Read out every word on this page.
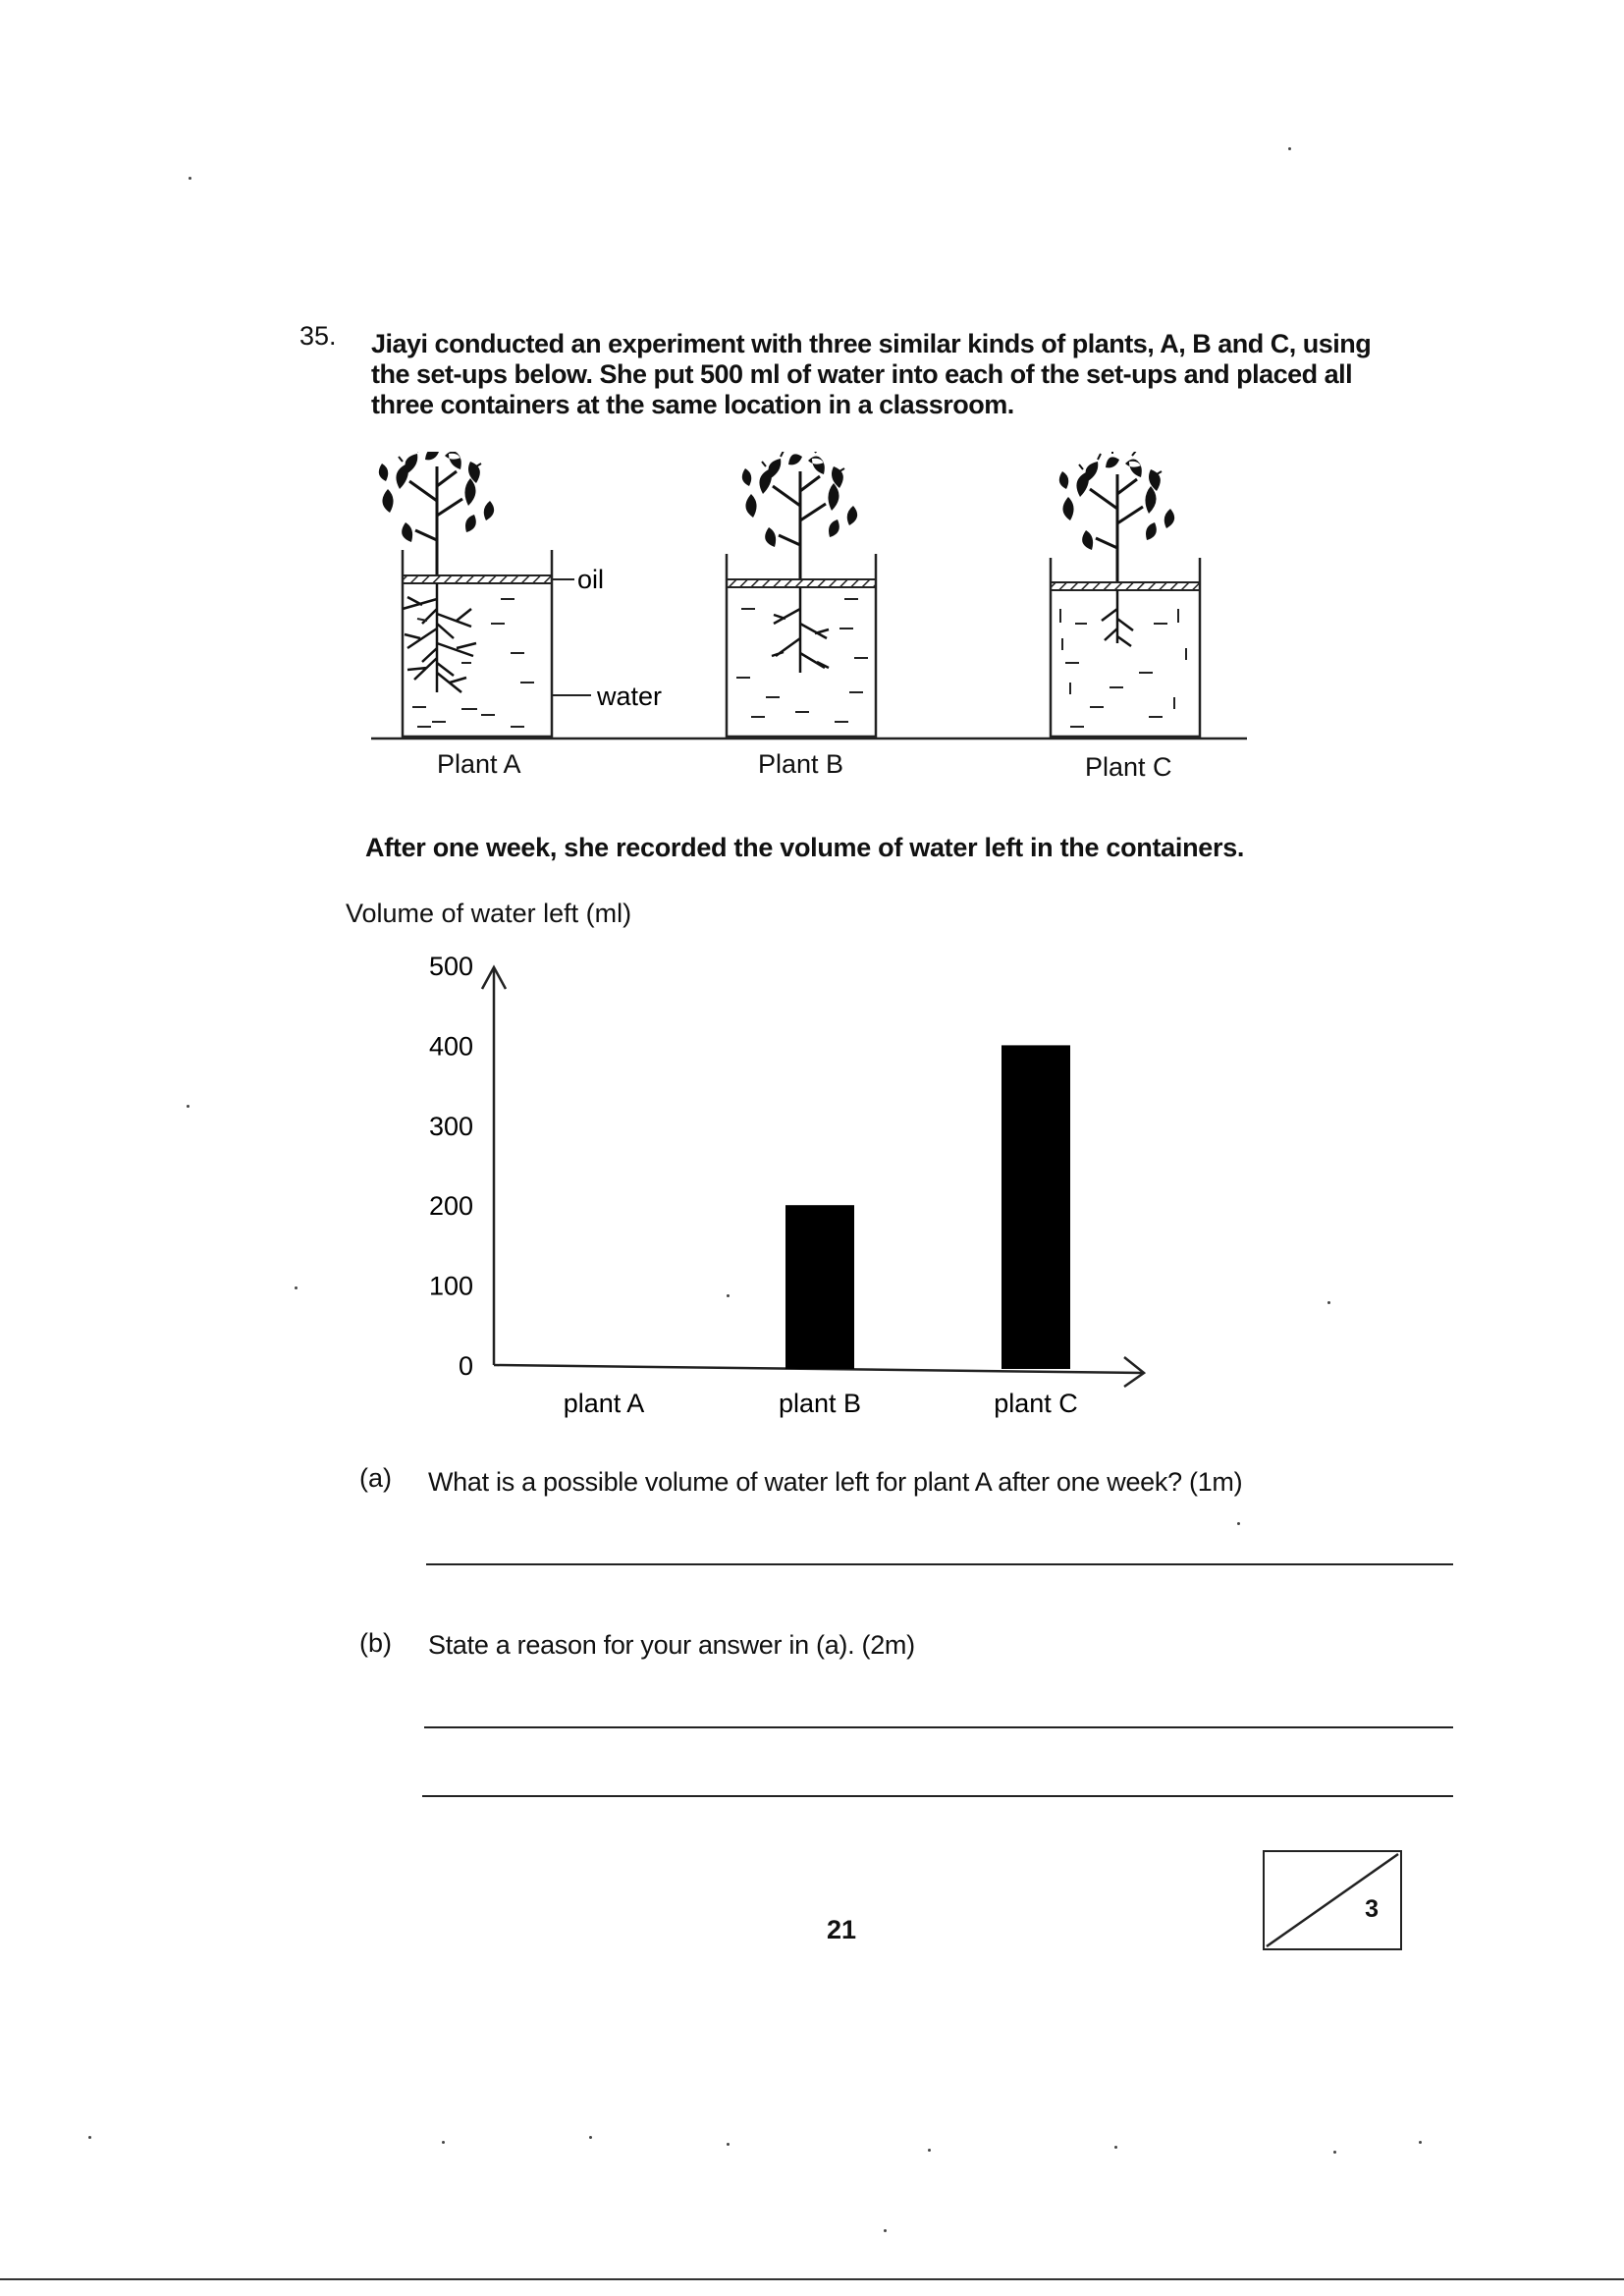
35. Jiayi conducted an experiment with three similar kinds of plants, A, B and C, using the set-ups below. She put 500 ml of water into each of the set-ups and placed all three containers at the same location in a classroom.
oil
water
Plant A	Plant B	Plant C
After one week, she recorded the volume of water left in the containers.
Volume of water left (ml)
0
100
200
300
400
500
plant A	plant B	plant C
(a) What is a possible volume of water left for plant A after one week? (1m)
(b) State a reason for your answer in (a). (2m)
21
3
